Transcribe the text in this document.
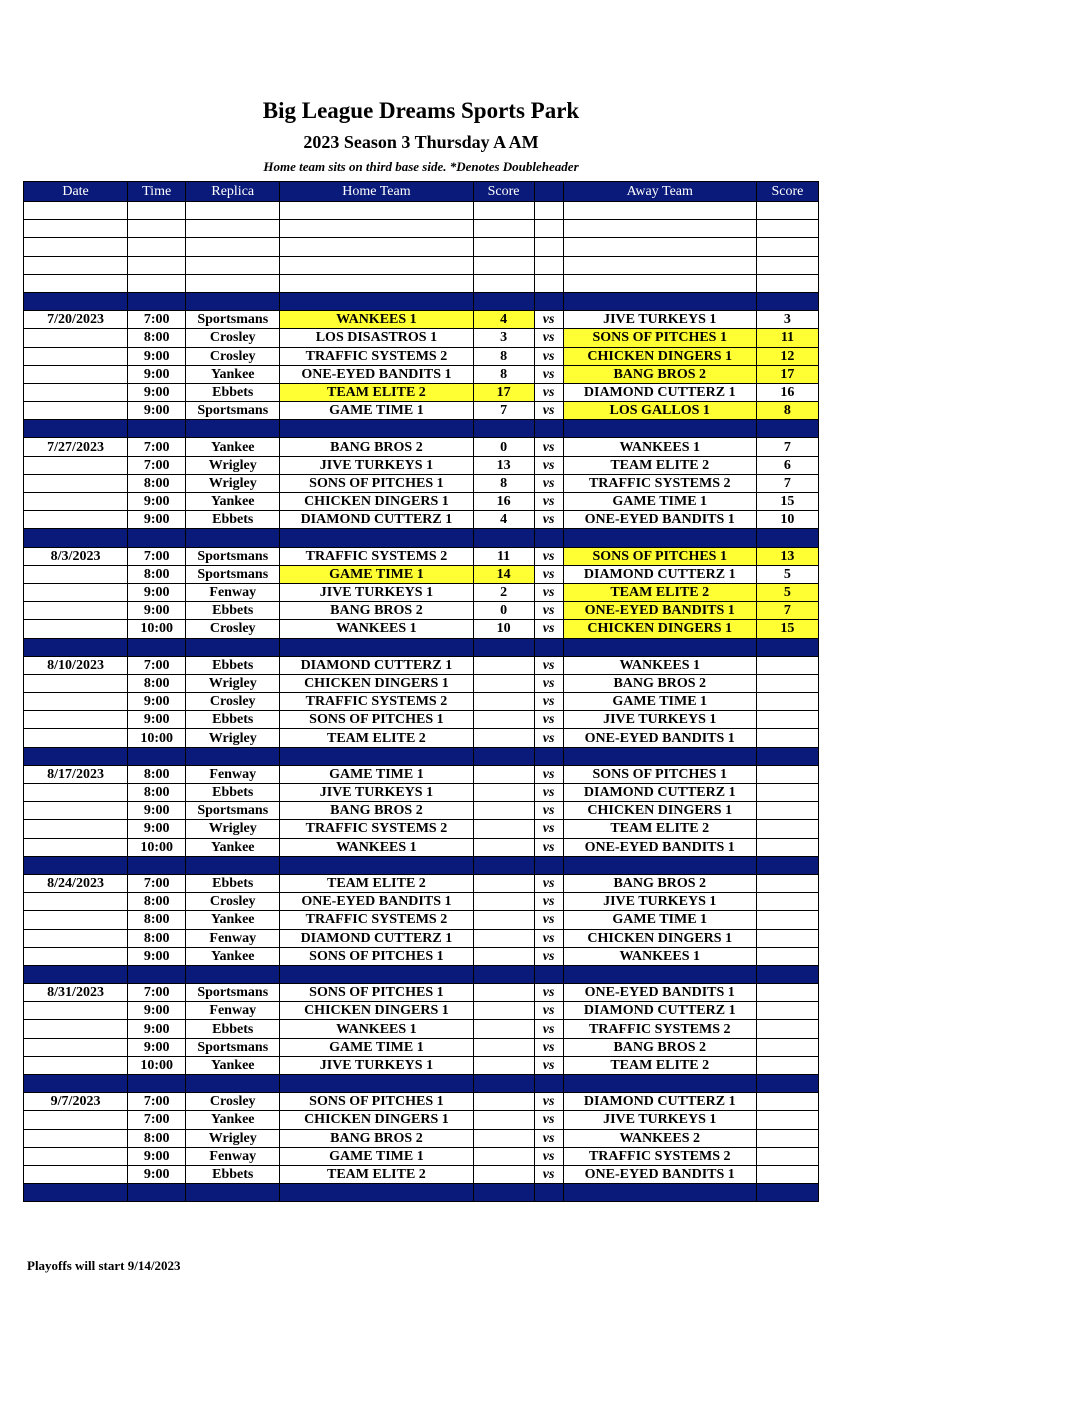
Big League Dreams Sports Park
2023 Season 3 Thursday A AM
Home team sits on third base side. *Denotes Doubleheader
Date	Time	Replica	Home Team	Score		Away Team	Score

7/20/2023	7:00	Sportsmans	WANKEES 1	4	vs	JIVE TURKEYS 1	3
	8:00	Crosley	LOS DISASTROS 1	3	vs	SONS OF PITCHES 1	11
	9:00	Crosley	TRAFFIC SYSTEMS 2	8	vs	CHICKEN DINGERS 1	12
	9:00	Yankee	ONE-EYED BANDITS 1	8	vs	BANG BROS 2	17
	9:00	Ebbets	TEAM ELITE 2	17	vs	DIAMOND CUTTERZ 1	16
	9:00	Sportsmans	GAME TIME 1	7	vs	LOS GALLOS 1	8

7/27/2023	7:00	Yankee	BANG BROS 2	0	vs	WANKEES 1	7
	7:00	Wrigley	JIVE TURKEYS 1	13	vs	TEAM ELITE 2	6
	8:00	Wrigley	SONS OF PITCHES 1	8	vs	TRAFFIC SYSTEMS 2	7
	9:00	Yankee	CHICKEN DINGERS 1	16	vs	GAME TIME 1	15
	9:00	Ebbets	DIAMOND CUTTERZ 1	4	vs	ONE-EYED BANDITS 1	10

8/3/2023	7:00	Sportsmans	TRAFFIC SYSTEMS 2	11	vs	SONS OF PITCHES 1	13
	8:00	Sportsmans	GAME TIME 1	14	vs	DIAMOND CUTTERZ 1	5
	9:00	Fenway	JIVE TURKEYS 1	2	vs	TEAM ELITE 2	5
	9:00	Ebbets	BANG BROS 2	0	vs	ONE-EYED BANDITS 1	7
	10:00	Crosley	WANKEES 1	10	vs	CHICKEN DINGERS 1	15

8/10/2023	7:00	Ebbets	DIAMOND CUTTERZ 1		vs	WANKEES 1	
	8:00	Wrigley	CHICKEN DINGERS 1		vs	BANG BROS 2	
	9:00	Crosley	TRAFFIC SYSTEMS 2		vs	GAME TIME 1	
	9:00	Ebbets	SONS OF PITCHES 1		vs	JIVE TURKEYS 1	
	10:00	Wrigley	TEAM ELITE 2		vs	ONE-EYED BANDITS 1	

8/17/2023	8:00	Fenway	GAME TIME 1		vs	SONS OF PITCHES 1	
	8:00	Ebbets	JIVE TURKEYS 1		vs	DIAMOND CUTTERZ 1	
	9:00	Sportsmans	BANG BROS 2		vs	CHICKEN DINGERS 1	
	9:00	Wrigley	TRAFFIC SYSTEMS 2		vs	TEAM ELITE 2	
	10:00	Yankee	WANKEES 1		vs	ONE-EYED BANDITS 1	

8/24/2023	7:00	Ebbets	TEAM ELITE 2		vs	BANG BROS 2	
	8:00	Crosley	ONE-EYED BANDITS 1		vs	JIVE TURKEYS 1	
	8:00	Yankee	TRAFFIC SYSTEMS 2		vs	GAME TIME 1	
	8:00	Fenway	DIAMOND CUTTERZ 1		vs	CHICKEN DINGERS 1	
	9:00	Yankee	SONS OF PITCHES 1		vs	WANKEES 1	

8/31/2023	7:00	Sportsmans	SONS OF PITCHES 1		vs	ONE-EYED BANDITS 1	
	9:00	Fenway	CHICKEN DINGERS 1		vs	DIAMOND CUTTERZ 1	
	9:00	Ebbets	WANKEES 1		vs	TRAFFIC SYSTEMS 2	
	9:00	Sportsmans	GAME TIME 1		vs	BANG BROS 2	
	10:00	Yankee	JIVE TURKEYS 1		vs	TEAM ELITE 2	

9/7/2023	7:00	Crosley	SONS OF PITCHES 1		vs	DIAMOND CUTTERZ 1	
	7:00	Yankee	CHICKEN DINGERS 1		vs	JIVE TURKEYS 1	
	8:00	Wrigley	BANG BROS 2		vs	WANKEES 2	
	9:00	Fenway	GAME TIME 1		vs	TRAFFIC SYSTEMS 2	
	9:00	Ebbets	TEAM ELITE 2		vs	ONE-EYED BANDITS 1	

Playoffs will start 9/14/2023
